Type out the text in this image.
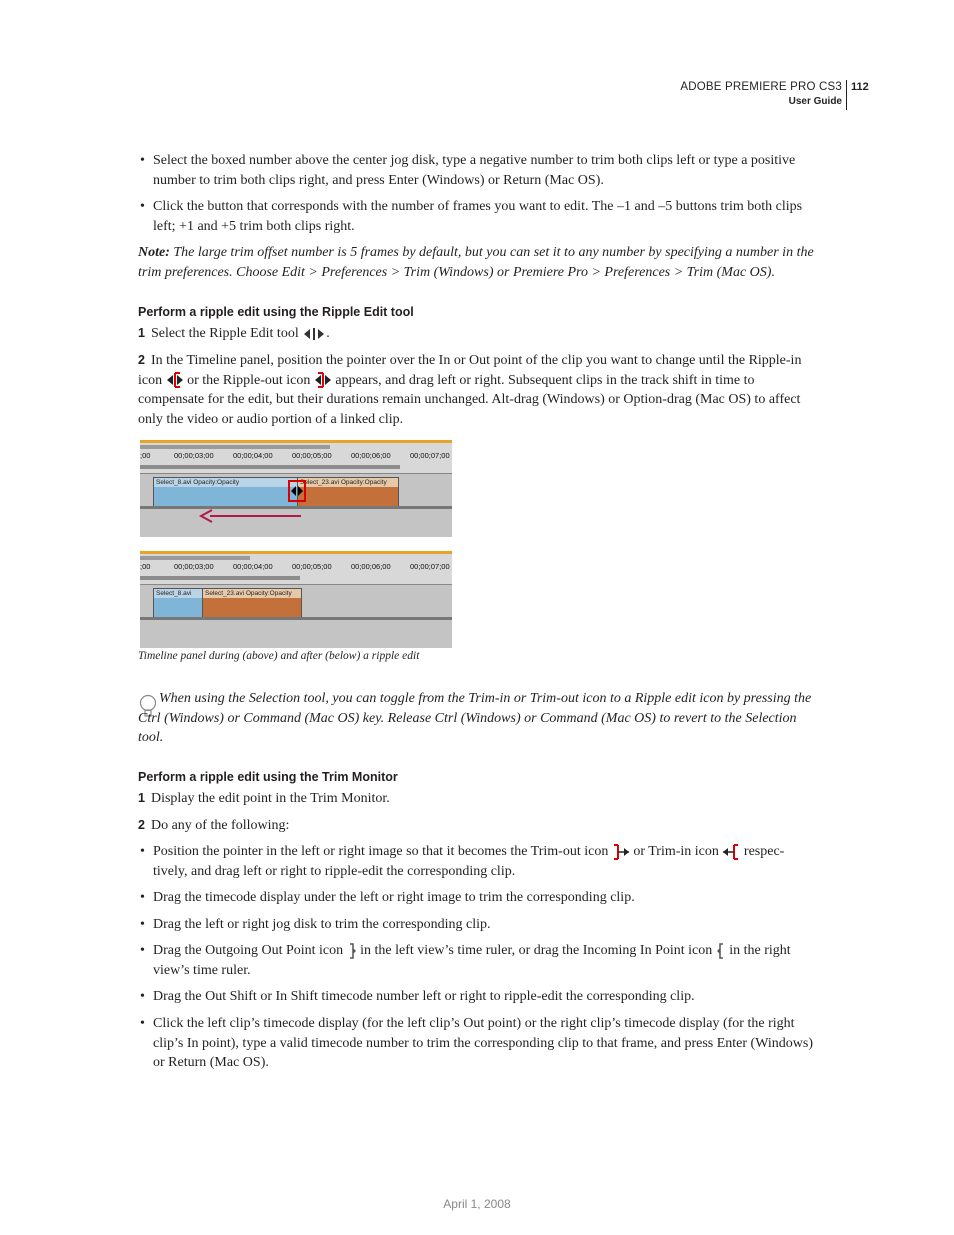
ADOBE PREMIERE PRO CS3
User Guide
112
• Select the boxed number above the center jog disk, type a negative number to trim both clips left or type a positive number to trim both clips right, and press Enter (Windows) or Return (Mac OS).
• Click the button that corresponds with the number of frames you want to edit. The –1 and –5 buttons trim both clips left; +1 and +5 trim both clips right.
Note: The large trim offset number is 5 frames by default, but you can set it to any number by specifying a number in the trim preferences. Choose Edit > Preferences > Trim (Windows) or Premiere Pro > Preferences > Trim (Mac OS).
Perform a ripple edit using the Ripple Edit tool
1 Select the Ripple Edit tool .
2 In the Timeline panel, position the pointer over the In or Out point of the clip you want to change until the Ripple-in icon or the Ripple-out icon appears, and drag left or right. Subsequent clips in the track shift in time to compensate for the edit, but their durations remain unchanged. Alt-drag (Windows) or Option-drag (Mac OS) to affect only the video or audio portion of a linked clip.
;00	00;00;03;00	00;00;04;00	00;00;05;00	00;00;06;00	00;00;07;00
Select_8.avi Opacity:Opacity	Select_23.avi Opacity:Opacity
;00	00;00;03;00	00;00;04;00	00;00;05;00	00;00;06;00	00;00;07;00
Select_8.avi	Select_23.avi Opacity:Opacity
Timeline panel during (above) and after (below) a ripple edit
When using the Selection tool, you can toggle from the Trim-in or Trim-out icon to a Ripple edit icon by pressing the Ctrl (Windows) or Command (Mac OS) key. Release Ctrl (Windows) or Command (Mac OS) to revert to the Selection tool.
Perform a ripple edit using the Trim Monitor
1 Display the edit point in the Trim Monitor.
2 Do any of the following:
• Position the pointer in the left or right image so that it becomes the Trim-out icon or Trim-in icon respec-tively, and drag left or right to ripple-edit the corresponding clip.
• Drag the timecode display under the left or right image to trim the corresponding clip.
• Drag the left or right jog disk to trim the corresponding clip.
• Drag the Outgoing Out Point icon in the left view’s time ruler, or drag the Incoming In Point icon in the right view’s time ruler.
• Drag the Out Shift or In Shift timecode number left or right to ripple-edit the corresponding clip.
• Click the left clip’s timecode display (for the left clip’s Out point) or the right clip’s timecode display (for the right clip’s In point), type a valid timecode number to trim the corresponding clip to that frame, and press Enter (Windows) or Return (Mac OS).
April 1, 2008
